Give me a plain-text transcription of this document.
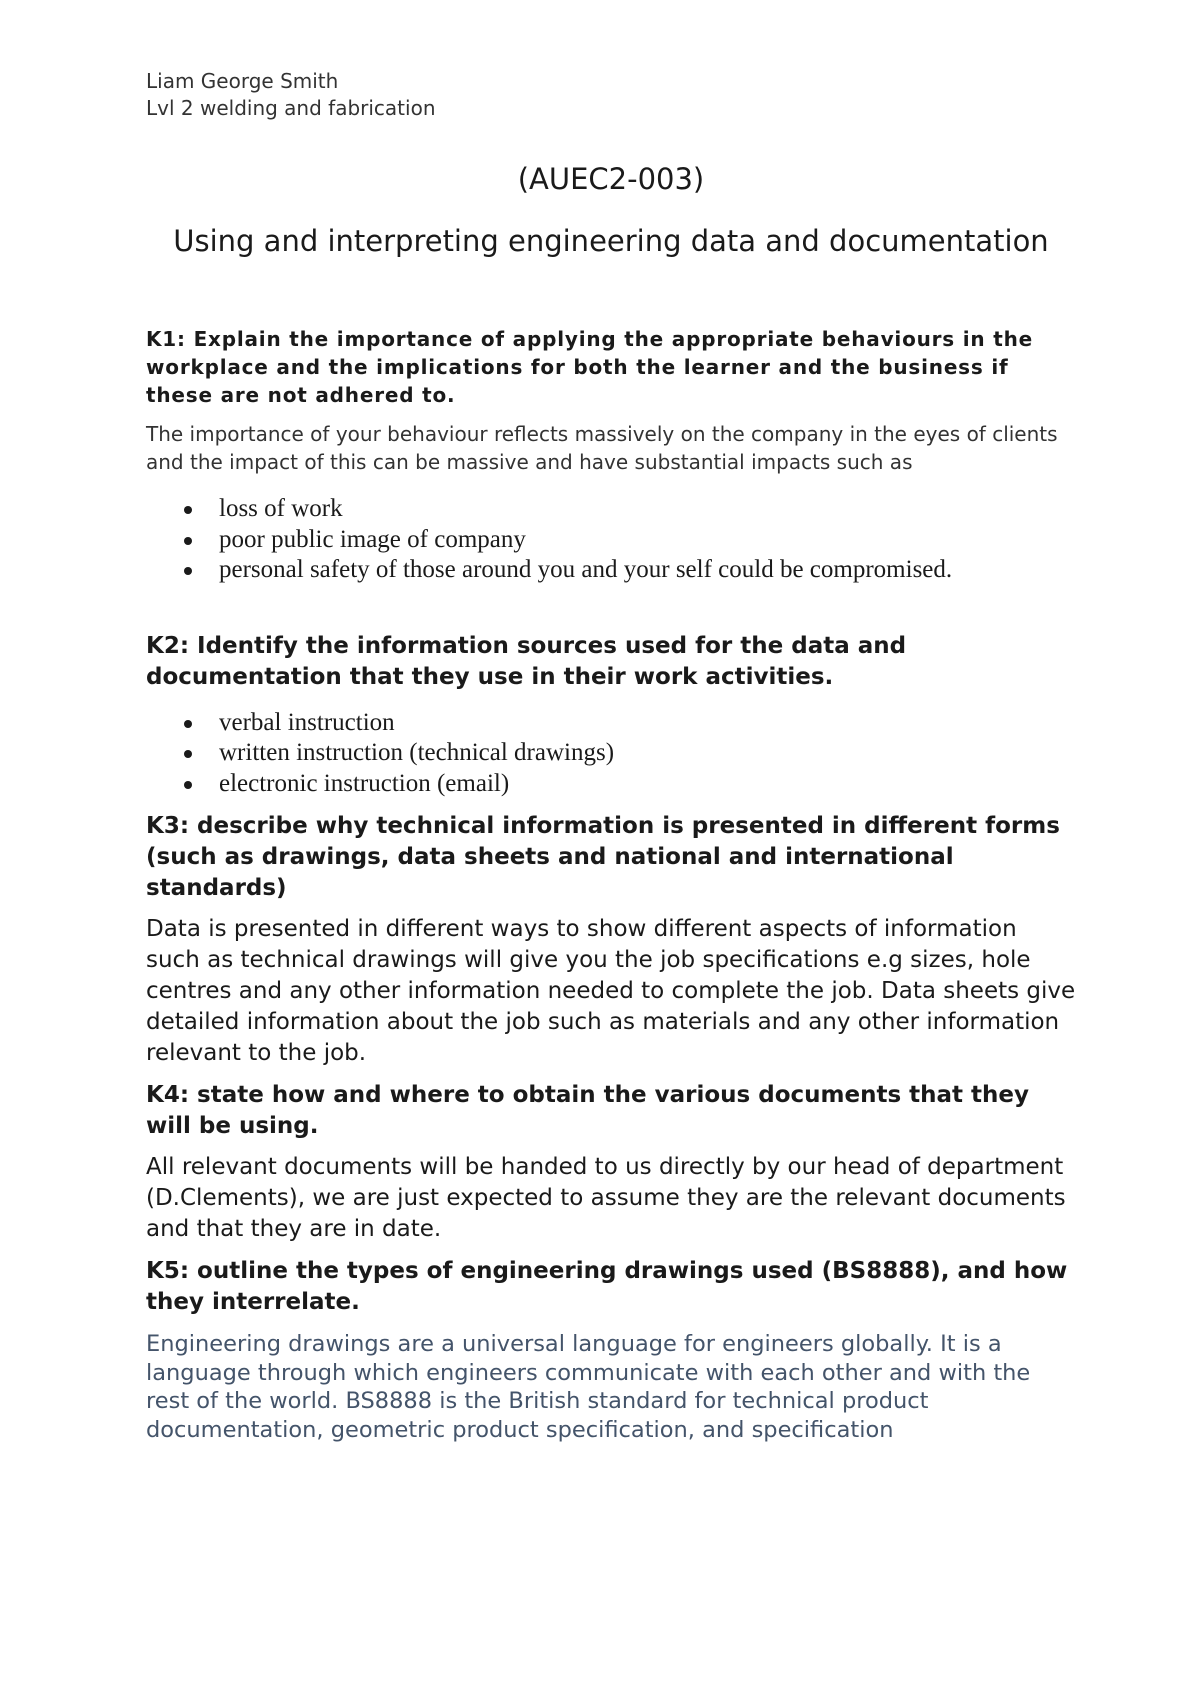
Liam George Smith

Lvl 2 welding and fabrication

(AUEC2-003)

Using and interpreting engineering data and documentation

K1: Explain the importance of applying the appropriate behaviours in the workplace and the implications for both the learner and the business if these are not adhered to.

The importance of your behaviour reflects massively on the company in the eyes of clients and the impact of this can be massive and have substantial impacts such as

loss of work
poor public image of company
personal safety of those around you and your self could be compromised.

K2: Identify the information sources used for the data and documentation that they use in their work activities.

verbal instruction
written instruction (technical drawings)
electronic instruction (email)

K3: describe why technical information is presented in different forms (such as drawings, data sheets and national and international standards)

Data is presented in different ways to show different aspects of information such as technical drawings will give you the job specifications e.g sizes, hole centres and any other information needed to complete the job. Data sheets give detailed information about the job such as materials and any other information relevant to the job.

K4: state how and where to obtain the various documents that they will be using.

All relevant documents will be handed to us directly by our head of department (D.Clements), we are just expected to assume they are the relevant documents and that they are in date.

K5: outline the types of engineering drawings used (BS8888), and how they interrelate.

Engineering drawings are a universal language for engineers globally. It is a language through which engineers communicate with each other and with the rest of the world. BS8888 is the British standard for technical product documentation, geometric product specification, and specification
